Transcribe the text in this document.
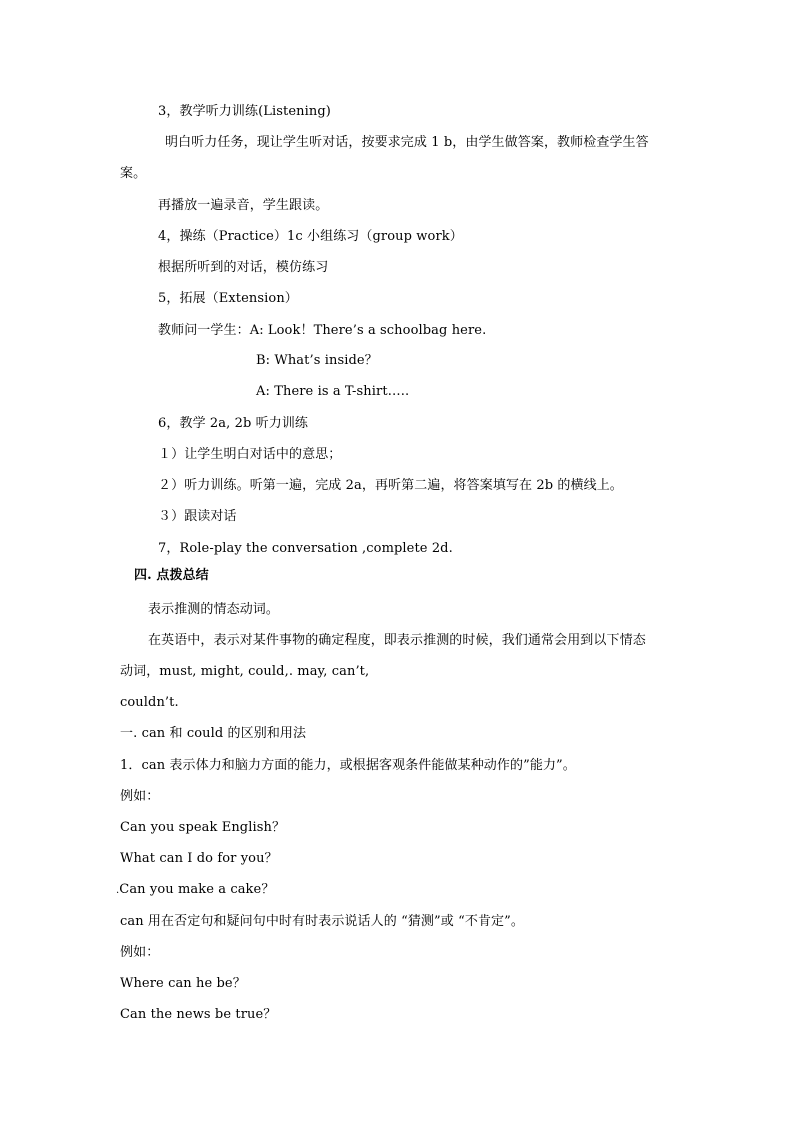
3，教学听力训练(Listening)
明白听力任务，现让学生听对话，按要求完成 1 b，由学生做答案，教师检查学生答
案。
再播放一遍录音，学生跟读。
4，操练（Practice）1c 小组练习（group work）
根据所听到的对话，模仿练习
5，拓展（Extension）
教师问一学生：A: Look！There’s a schoolbag here.
B: What’s inside？
A: There is a T-shirt…..
6，教学 2a, 2b 听力训练
１）让学生明白对话中的意思；
２）听力训练。听第一遍，完成 2a，再听第二遍，将答案填写在 2b 的横线上。
３）跟读对话
7，Role-play the conversation ,complete 2d.
四. 点拨总结
表示推测的情态动词。
在英语中，表示对某件事物的确定程度，即表示推测的时候，我们通常会用到以下情态
动词，must, might, could,. may, can’t,
couldn’t.
一. can 和 could 的区别和用法
1．can 表示体力和脑力方面的能力，或根据客观条件能做某种动作的”能力”。
例如：
Can you speak English？
What can I do for you？
.Can you make a cake？
can 用在否定句和疑问句中时有时表示说话人的 “猜测”或 “不肯定”。
例如：
Where can he be？
Can the news be true？
